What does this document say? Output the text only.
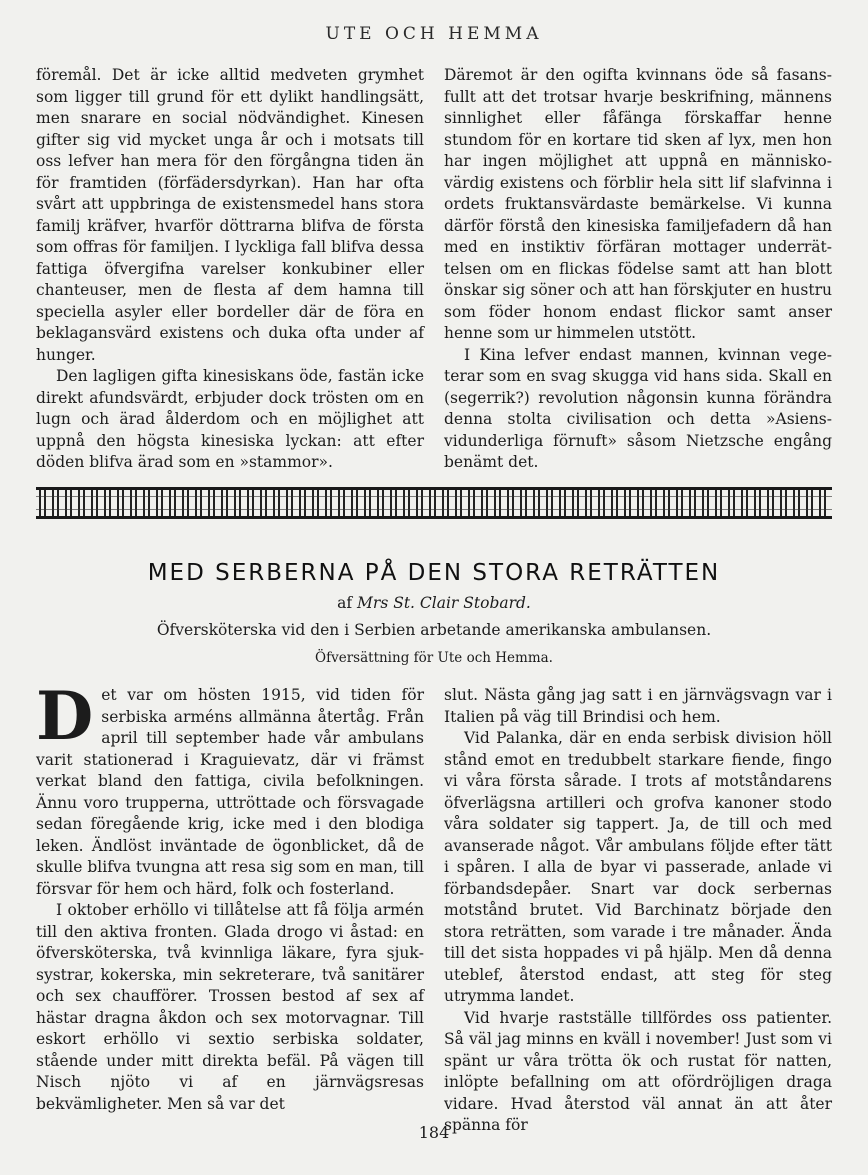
UTE OCH HEMMA

föremål. Det är icke alltid medveten grymhet som ligger till grund för ett dylikt handlingsätt, men snarare en social nödvändighet. Kinesen gifter sig vid mycket unga år och i motsats till oss lefver han mera för den förgångna tiden än för framtiden (förfädersdyrkan). Han har ofta svårt att uppbringa de existensmedel hans stora familj kräfver, hvarför döttrarna blifva de första som offras för familjen. I lyckliga fall blifva dessa fattiga öfvergifna varelser konkubiner eller chanteuser, men de flesta af dem hamna till speciella asyler eller bordeller där de föra en beklagansvärd existens och duka ofta under af hunger.

Den lagligen gifta kinesiskans öde, fastän icke direkt afundsvärdt, erbjuder dock trösten om en lugn och ärad ålderdom och en möjlighet att uppnå den högsta kinesiska lyckan: att efter döden blifva ärad som en »stammor».

Däremot är den ogifta kvinnans öde så fasansfullt att det trotsar hvarje beskrifning, männens sinnlighet eller fåfänga förskaffar henne stundom för en kortare tid sken af lyx, men hon har ingen möjlighet att uppnå en människovärdig existens och förblir hela sitt lif slafvinna i ordets fruktansvärdaste bemärkelse. Vi kunna därför förstå den kinesiska familjefadern då han med en instiktiv förfäran mottager underrättelsen om en flickas födelse samt att han blott önskar sig söner och att han förskjuter en hustru som föder honom endast flickor samt anser henne som ur himmelen utstött.

I Kina lefver endast mannen, kvinnan vegeterar som en svag skugga vid hans sida. Skall en (segerrik?) revolution någonsin kunna förändra denna stolta civilisation och detta »Asiensvidunderliga förnuft» såsom Nietzsche engång benämt det.

MED SERBERNA PÅ DEN STORA RETRÄTTEN
af Mrs St. Clair Stobard.
Öfversköterska vid den i Serbien arbetande amerikanska ambulansen.
Öfversättning för Ute och Hemma.

Det var om hösten 1915, vid tiden för serbiska arméns allmänna återtåg. Från april till september hade vår ambulans varit stationerad i Kraguievatz, där vi främst verkat bland den fattiga, civila befolkningen. Ännu voro trupperna, uttröttade och försvagade sedan föregående krig, icke med i den blodiga leken. Ändlöst inväntade de ögonblicket, då de skulle blifva tvungna att resa sig som en man, till försvar för hem och härd, folk och fosterland.

I oktober erhöllo vi tillåtelse att få följa armén till den aktiva fronten. Glada drogo vi åstad: en öfversköterska, två kvinnliga läkare, fyra sjuksystrar, kokerska, min sekreterare, två sanitärer och sex chaufförer. Trossen bestod af sex af hästar dragna åkdon och sex motorvagnar. Till eskort erhöllo vi sextio serbiska soldater, stående under mitt direkta befäl. På vägen till Nisch njöto vi af en järnvägsresas bekvämligheter. Men så var det

slut. Nästa gång jag satt i en järnvägsvagn var i Italien på väg till Brindisi och hem.

Vid Palanka, där en enda serbisk division höll stånd emot en tredubbelt starkare fiende, fingo vi våra första sårade. I trots af motståndarens öfverlägsna artilleri och grofva kanoner stodo våra soldater sig tappert. Ja, de till och med avanserade något. Vår ambulans följde efter tätt i spåren. I alla de byar vi passerade, anlade vi förbandsdepåer. Snart var dock serbernas motstånd brutet. Vid Barchinatz började den stora reträtten, som varade i tre månader. Ända till det sista hoppades vi på hjälp. Men då denna uteblef, återstod endast, att steg för steg utrymma landet.

Vid hvarje rastställe tillfördes oss patienter. Så väl jag minns en kväll i november! Just som vi spänt ur våra trötta ök och rustat för natten, inlöpte befallning om att ofördröjligen draga vidare. Hvad återstod väl annat än att åter spänna för

184
